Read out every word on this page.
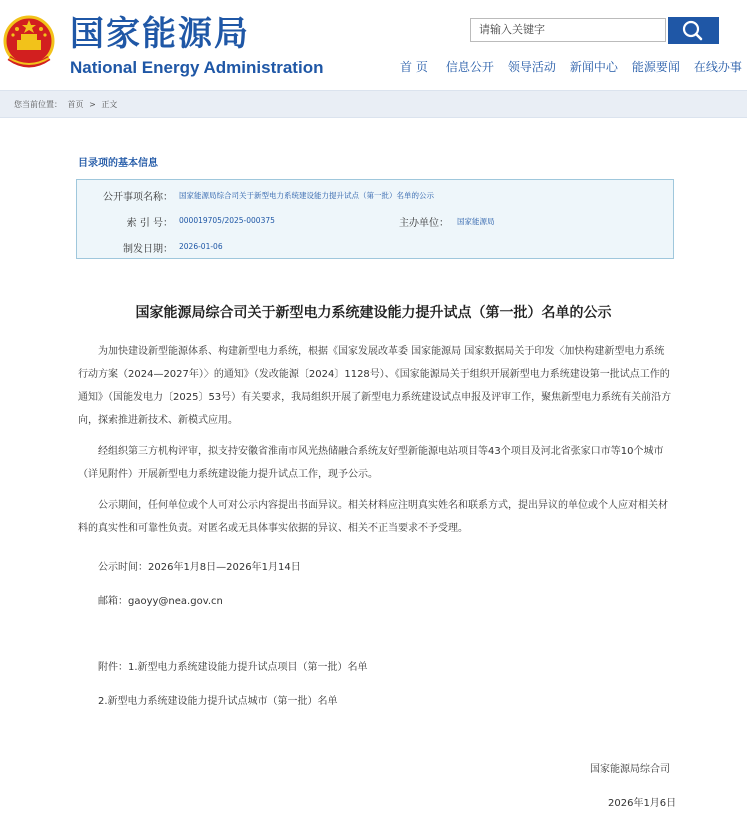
国家能源局
National Energy Administration
请输入关键字
首 页 信息公开 领导活动 新闻中心 能源要闻 在线办事
您当前位置： 首页 > 正文
目录项的基本信息
公开事项名称： 国家能源局综合司关于新型电力系统建设能力提升试点（第一批）名单的公示
索 引 号： 000019705/2025-000375	主办单位： 国家能源局
制发日期： 2026-01-06
国家能源局综合司关于新型电力系统建设能力提升试点（第一批）名单的公示

为加快建设新型能源体系、构建新型电力系统，根据《国家发展改革委 国家能源局 国家数据局关于印发〈加快构建新型电力系统行动方案（2024—2027年）〉的通知》（发改能源〔2024〕1128号）、《国家能源局关于组织开展新型电力系统建设第一批试点工作的通知》（国能发电力〔2025〕53号）有关要求，我局组织开展了新型电力系统建设试点申报及评审工作，聚焦新型电力系统有关前沿方向，探索推进新技术、新模式应用。

经组织第三方机构评审，拟支持安徽省淮南市风光热储融合系统友好型新能源电站项目等43个项目及河北省张家口市等10个城市（详见附件）开展新型电力系统建设能力提升试点工作，现予公示。

公示期间，任何单位或个人可对公示内容提出书面异议。相关材料应注明真实姓名和联系方式，提出异议的单位或个人应对相关材料的真实性和可靠性负责。对匿名或无具体事实依据的异议、相关不正当要求不予受理。

公示时间：2026年1月8日—2026年1月14日
邮箱：gaoyy@nea.gov.cn
附件：1.新型电力系统建设能力提升试点项目（第一批）名单
2.新型电力系统建设能力提升试点城市（第一批）名单
国家能源局综合司
2026年1月6日
